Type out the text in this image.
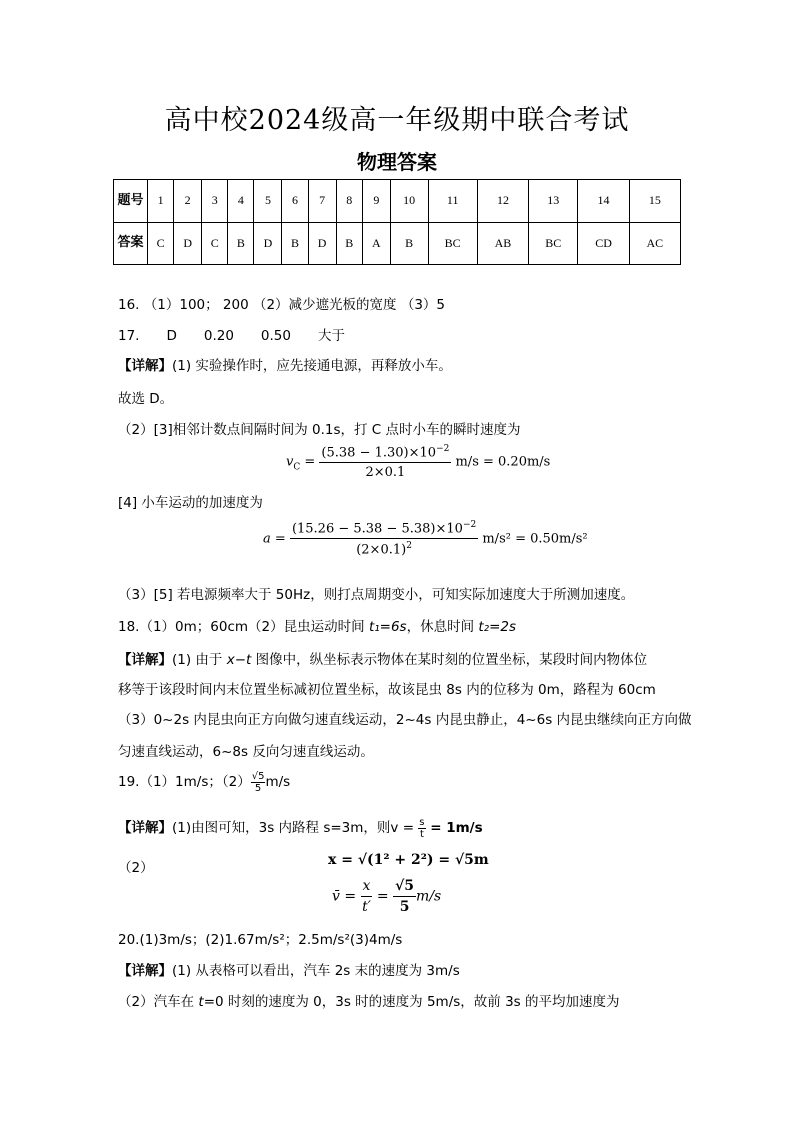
高中校2024级高一年级期中联合考试
物理答案
题号	1	2	3	4	5	6	7	8	9	10	11	12	13	14	15
答案	C	D	C	B	D	B	D	B	A	B	BC	AB	BC	CD	AC
16. （1）100； 200 （2）减少遮光板的宽度 （3）5
17.　　D　　0.20　　0.50　　大于
【详解】(1) 实验操作时，应先接通电源，再释放小车。
故选 D。
（2）[3]相邻计数点间隔时间为 0.1s，打 C 点时小车的瞬时速度为
$v_C = \frac{(5.38 - 1.30)\times 10^{-2}}{2\times 0.1} m/s = 0.20m/s$
[4] 小车运动的加速度为
$a = \frac{(15.26 - 5.38 - 5.38)\times 10^{-2}}{(2\times 0.1)^2} m/s^2 = 0.50m/s^2$
（3）[5] 若电源频率大于 50Hz，则打点周期变小，可知实际加速度大于所测加速度。
18.（1）0m；60cm（2）昆虫运动时间 t₁=6s，休息时间 t₂=2s
【详解】(1) 由于 x−t 图像中，纵坐标表示物体在某时刻的位置坐标，某段时间内物体位
移等于该段时间内末位置坐标减初位置坐标，故该昆虫 8s 内的位移为 0m，路程为 60cm
（3）0~2s 内昆虫向正方向做匀速直线运动，2~4s 内昆虫静止，4~6s 内昆虫继续向正方向做
匀速直线运动，6~8s 反向匀速直线运动。
19.（1）1m/s；$(2) \frac{√5}{5} m/s$
【详解】(1)由图可知，3s 内路程 s=3m，则$v = \frac{s}{t} = 1m/s$
（2）	x = √(1² + 2²) = √5m
v̄ = $\frac{x}{t'} = \frac{√5}{5} m/s$
20.(1)3m/s；(2)1.67m/s²；2.5m/s²(3)4m/s
【详解】(1) 从表格可以看出，汽车 2s 末的速度为 3m/s
（2）汽车在 t=0 时刻的速度为 0，3s 时的速度为 5m/s，故前 3s 的平均加速度为
